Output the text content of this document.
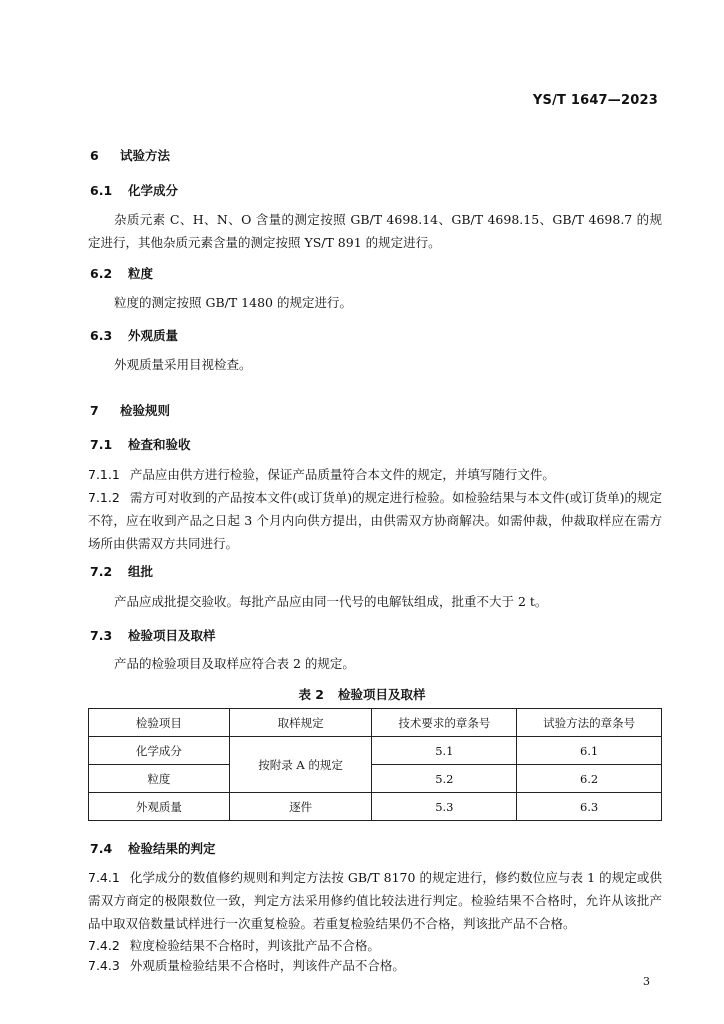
YS/T 1647—2023
6 试验方法
6.1 化学成分
杂质元素 C、H、N、O 含量的测定按照 GB/T 4698.14、GB/T 4698.15、GB/T 4698.7 的规定进行，其他杂质元素含量的测定按照 YS/T 891 的规定进行。
6.2 粒度
粒度的测定按照 GB/T 1480 的规定进行。
6.3 外观质量
外观质量采用目视检查。
7 检验规则
7.1 检查和验收
7.1.1 产品应由供方进行检验，保证产品质量符合本文件的规定，并填写随行文件。
7.1.2 需方可对收到的产品按本文件(或订货单)的规定进行检验。如检验结果与本文件(或订货单)的规定不符，应在收到产品之日起 3 个月内向供方提出，由供需双方协商解决。如需仲裁，仲裁取样应在需方场所由供需双方共同进行。
7.2 组批
产品应成批提交验收。每批产品应由同一代号的电解钛组成，批重不大于 2 t。
7.3 检验项目及取样
产品的检验项目及取样应符合表 2 的规定。
表 2 检验项目及取样
检验项目	取样规定	技术要求的章条号	试验方法的章条号
化学成分	按附录 A 的规定	5.1	6.1
粒度		5.2	6.2
外观质量	逐件	5.3	6.3
7.4 检验结果的判定
7.4.1 化学成分的数值修约规则和判定方法按 GB/T 8170 的规定进行，修约数位应与表 1 的规定或供需双方商定的极限数位一致，判定方法采用修约值比较法进行判定。检验结果不合格时，允许从该批产品中取双倍数量试样进行一次重复检验。若重复检验结果仍不合格，判该批产品不合格。
7.4.2 粒度检验结果不合格时，判该批产品不合格。
7.4.3 外观质量检验结果不合格时，判该件产品不合格。
3
